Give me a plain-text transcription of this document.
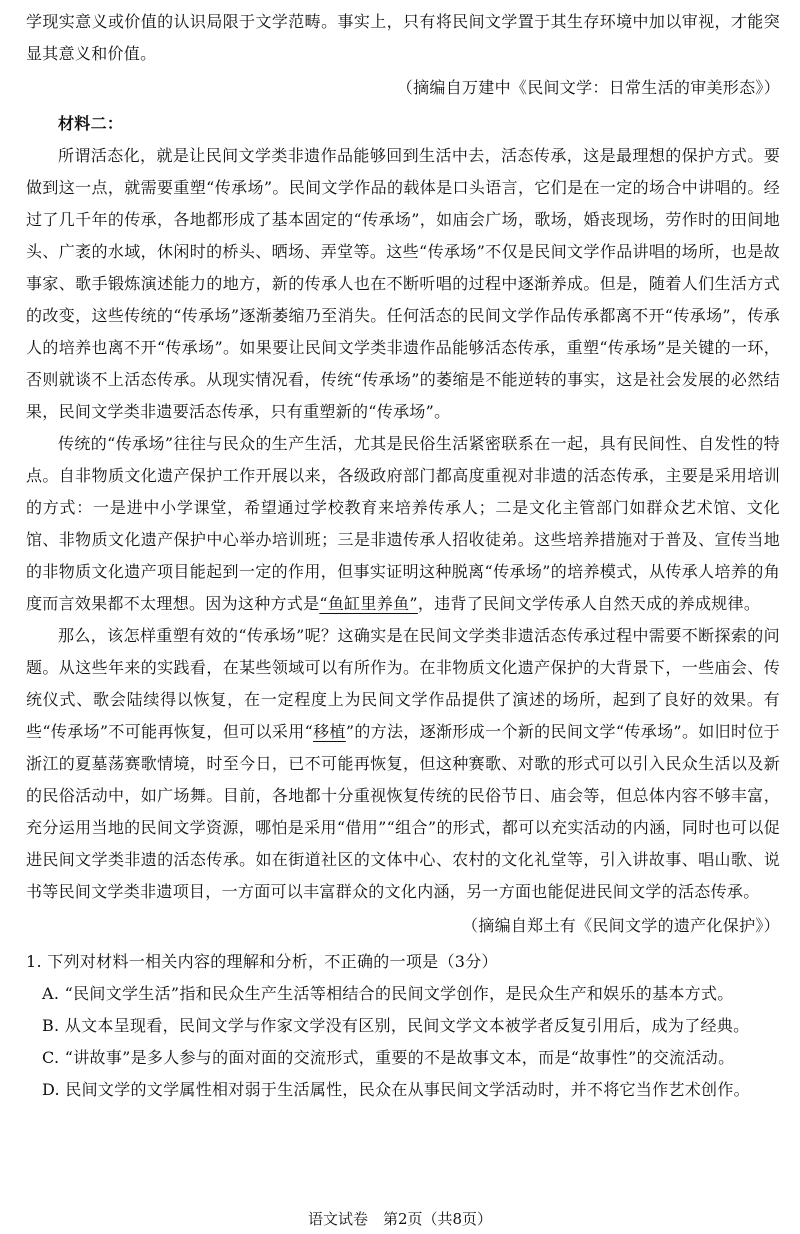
学现实意义或价值的认识局限于文学范畴。事实上，只有将民间文学置于其生存环境中加以审视，才能突显其意义和价值。

（摘编自万建中《民间文学：日常生活的审美形态》）

材料二：

所谓活态化，就是让民间文学类非遗作品能够回到生活中去，活态传承，这是最理想的保护方式。要做到这一点，就需要重塑“传承场”。民间文学作品的载体是口头语言，它们是在一定的场合中讲唱的。经过了几千年的传承，各地都形成了基本固定的“传承场”，如庙会广场，歌场，婚丧现场，劳作时的田间地头、广袤的水域，休闲时的桥头、晒场、弄堂等。这些“传承场”不仅是民间文学作品讲唱的场所，也是故事家、歌手锻炼演述能力的地方，新的传承人也在不断听唱的过程中逐渐养成。但是，随着人们生活方式的改变，这些传统的“传承场”逐渐萎缩乃至消失。任何活态的民间文学作品传承都离不开“传承场”，传承人的培养也离不开“传承场”。如果要让民间文学类非遗作品能够活态传承，重塑“传承场”是关键的一环，否则就谈不上活态传承。从现实情况看，传统“传承场”的萎缩是不能逆转的事实，这是社会发展的必然结果，民间文学类非遗要活态传承，只有重塑新的“传承场”。

传统的“传承场”往往与民众的生产生活，尤其是民俗生活紧密联系在一起，具有民间性、自发性的特点。自非物质文化遗产保护工作开展以来，各级政府部门都高度重视对非遗的活态传承，主要是采用培训的方式：一是进中小学课堂，希望通过学校教育来培养传承人；二是文化主管部门如群众艺术馆、文化馆、非物质文化遗产保护中心举办培训班；三是非遗传承人招收徒弟。这些培养措施对于普及、宣传当地的非物质文化遗产项目能起到一定的作用，但事实证明这种脱离“传承场”的培养模式，从传承人培养的角度而言效果都不太理想。因为这种方式是“鱼缸里养鱼”，违背了民间文学传承人自然天成的养成规律。

那么，该怎样重塑有效的“传承场”呢？这确实是在民间文学类非遗活态传承过程中需要不断探索的问题。从这些年来的实践看，在某些领域可以有所作为。在非物质文化遗产保护的大背景下，一些庙会、传统仪式、歌会陆续得以恢复，在一定程度上为民间文学作品提供了演述的场所，起到了良好的效果。有些“传承场”不可能再恢复，但可以采用“移植”的方法，逐渐形成一个新的民间文学“传承场”。如旧时位于浙江的夏墓荡赛歌情境，时至今日，已不可能再恢复，但这种赛歌、对歌的形式可以引入民众生活以及新的民俗活动中，如广场舞。目前，各地都十分重视恢复传统的民俗节日、庙会等，但总体内容不够丰富，充分运用当地的民间文学资源，哪怕是采用“借用”“组合”的形式，都可以充实活动的内涵，同时也可以促进民间文学类非遗的活态传承。如在街道社区的文体中心、农村的文化礼堂等，引入讲故事、唱山歌、说书等民间文学类非遗项目，一方面可以丰富群众的文化内涵，另一方面也能促进民间文学的活态传承。

（摘编自郑土有《民间文学的遗产化保护》）

1. 下列对材料一相关内容的理解和分析，不正确的一项是（3分）

A. “民间文学生活”指和民众生产生活等相结合的民间文学创作，是民众生产和娱乐的基本方式。

B. 从文本呈现看，民间文学与作家文学没有区别，民间文学文本被学者反复引用后，成为了经典。

C. “讲故事”是多人参与的面对面的交流形式，重要的不是故事文本，而是“故事性”的交流活动。

D. 民间文学的文学属性相对弱于生活属性，民众在从事民间文学活动时，并不将它当作艺术创作。

语文试卷　第2页（共8页）
